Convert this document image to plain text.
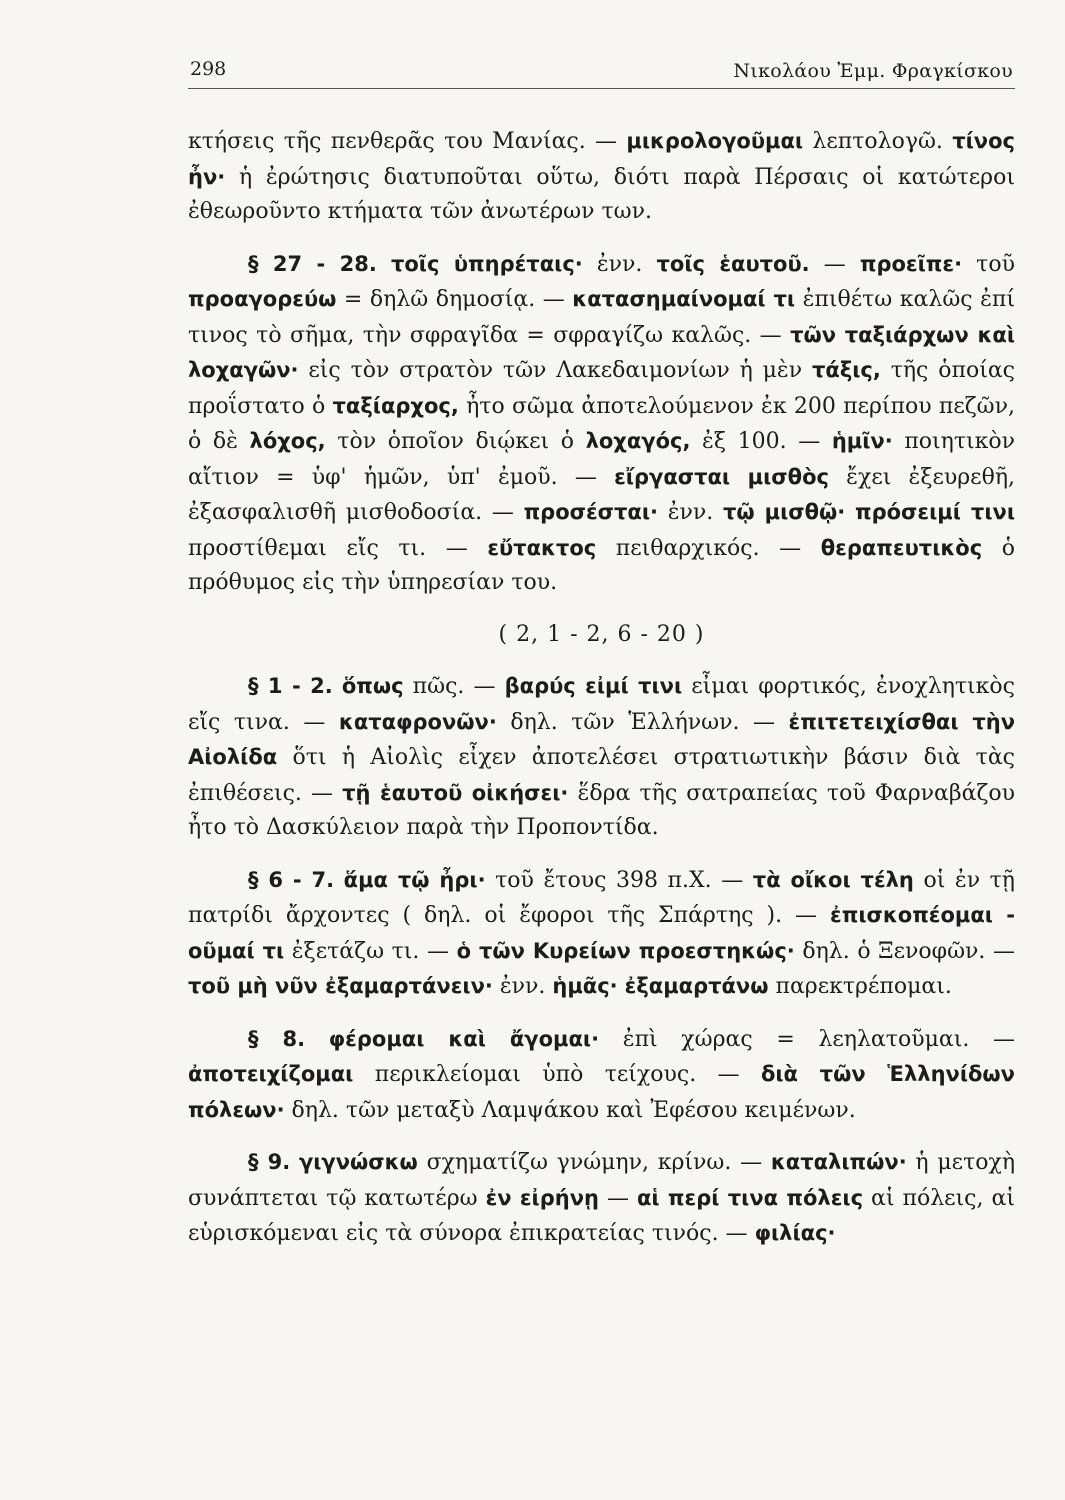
298	Νικολάου Ἐμμ. Φραγκίσκου

κτήσεις τῆς πενθερᾶς του Μανίας. — μικρολογοῦμαι λεπτολογῶ. τίνος ἦν· ἡ ἐρώτησις διατυποῦται οὕτω, διότι παρὰ Πέρσαις οἱ κατώτεροι ἐθεωροῦντο κτήματα τῶν ἀνωτέρων των.

§ 27 - 28. τοῖς ὑπηρέταις· ἐνν. τοῖς ἑαυτοῦ. — προεῖπε· τοῦ προαγορεύω = δηλῶ δημοσίᾳ. — κατασημαίνομαί τι ἐπιθέτω καλῶς ἐπί τινος τὸ σῆμα, τὴν σφραγῖδα = σφραγίζω καλῶς. — τῶν ταξιάρχων καὶ λοχαγῶν· εἰς τὸν στρατὸν τῶν Λακεδαιμονίων ἡ μὲν τάξις, τῆς ὁποίας προΐστατο ὁ ταξίαρχος, ἦτο σῶμα ἀποτελούμενον ἐκ 200 περίπου πεζῶν, ὁ δὲ λόχος, τὸν ὁποῖον διῴκει ὁ λοχαγός, ἐξ 100. — ἡμῖν· ποιητικὸν αἴτιον = ὑφ' ἡμῶν, ὑπ' ἐμοῦ. — εἴργασται μισθὸς ἔχει ἐξευρεθῆ, ἐξασφαλισθῆ μισθοδοσία. — προσέσται· ἐνν. τῷ μισθῷ· πρόσειμί τινι προστίθεμαι εἴς τι. — εὔτακτος πειθαρχικός. — θεραπευτικὸς ὁ πρόθυμος εἰς τὴν ὑπηρεσίαν του.

( 2, 1 - 2, 6 - 20 )

§ 1 - 2. ὅπως πῶς. — βαρύς εἰμί τινι εἶμαι φορτικός, ἐνοχλητικὸς εἴς τινα. — καταφρονῶν· δηλ. τῶν Ἑλλήνων. — ἐπιτετειχίσθαι τὴν Αἰολίδα ὅτι ἡ Αἰολὶς εἶχεν ἀποτελέσει στρατιωτικὴν βάσιν διὰ τὰς ἐπιθέσεις. — τῇ ἑαυτοῦ οἰκήσει· ἕδρα τῆς σατραπείας τοῦ Φαρναβάζου ἦτο τὸ Δασκύλειον παρὰ τὴν Προποντίδα.

§ 6 - 7. ἅμα τῷ ἦρι· τοῦ ἔτους 398 π.Χ. — τὰ οἴκοι τέλη οἱ ἐν τῇ πατρίδι ἄρχοντες ( δηλ. οἱ ἔφοροι τῆς Σπάρτης ). — ἐπισκοπέομαι - οῦμαί τι ἐξετάζω τι. — ὁ τῶν Κυρείων προεστηκώς· δηλ. ὁ Ξενοφῶν. — τοῦ μὴ νῦν ἐξαμαρτάνειν· ἐνν. ἡμᾶς· ἐξαμαρτάνω παρεκτρέπομαι.

§ 8. φέρομαι καὶ ἄγομαι· ἐπὶ χώρας = λεηλατοῦμαι. — ἀποτειχίζομαι περικλείομαι ὑπὸ τείχους. — διὰ τῶν Ἑλληνίδων πόλεων· δηλ. τῶν μεταξὺ Λαμψάκου καὶ Ἐφέσου κειμένων.

§ 9. γιγνώσκω σχηματίζω γνώμην, κρίνω. — καταλιπών· ἡ μετοχὴ συνάπτεται τῷ κατωτέρω ἐν εἰρήνῃ — αἱ περί τινα πόλεις αἱ πόλεις, αἱ εὑρισκόμεναι εἰς τὰ σύνορα ἐπικρατείας τινός. — φιλίας·
